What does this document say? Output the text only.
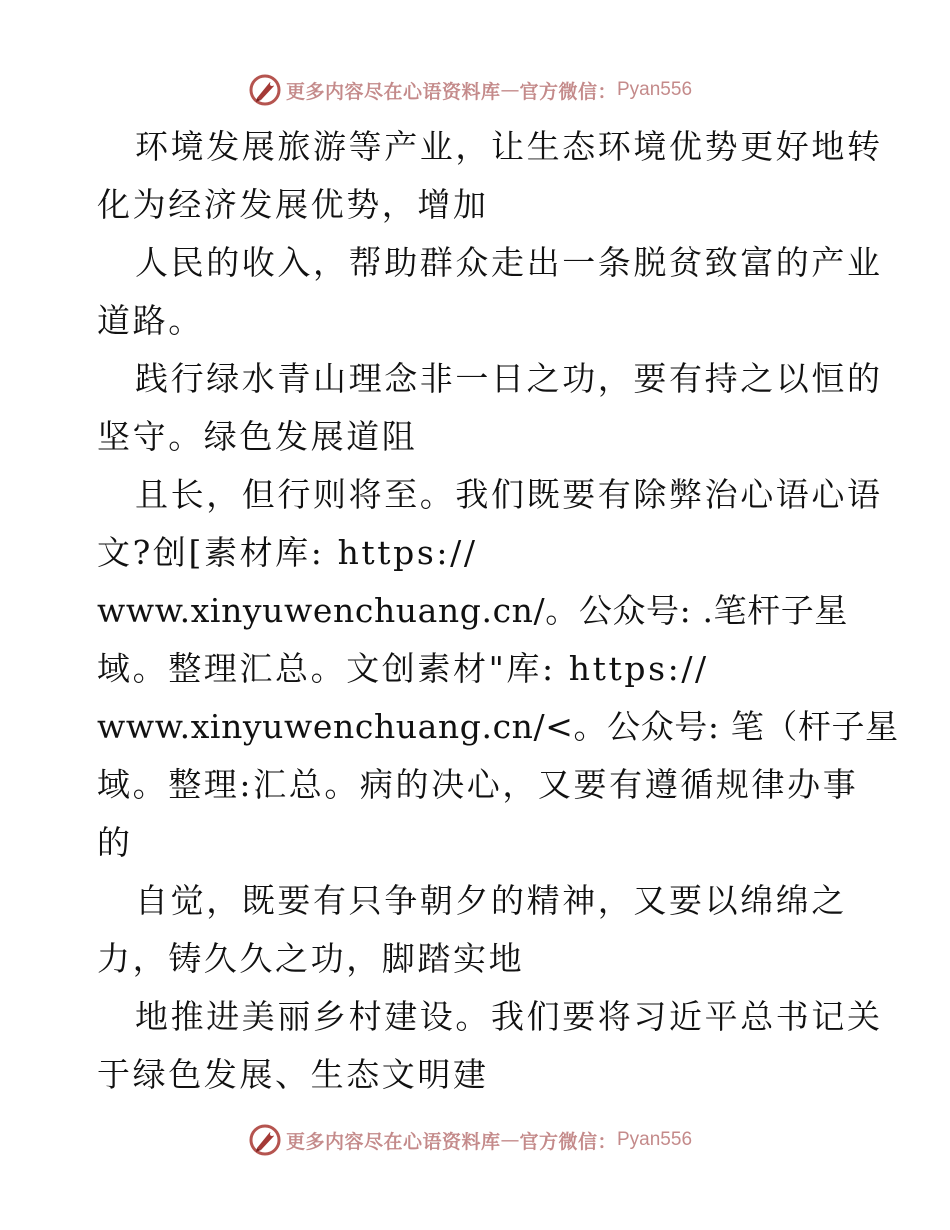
更多内容尽在心语资料库 — 官方微信： Pyan556
环境发展旅游等产业，让生态环境优势更好地转
化为经济发展优势，增加
人民的收入，帮助群众走出一条脱贫致富的产业
道路。
践行绿水青山理念非一日之功，要有持之以恒的
坚守。绿色发展道阻
且长，但行则将至。我们既要有除弊治心语心语
文?创[素材库: https://
www.xinyuwenchuang.cn/。公众号: .笔杆子星
域。整理汇总。文创素材"库: https://
www.xinyuwenchuang.cn/<。公众号: 笔（杆子星
域。整理:汇总。病的决心，又要有遵循规律办事
的
自觉，既要有只争朝夕的精神，又要以绵绵之
力，铸久久之功，脚踏实地
地推进美丽乡村建设。我们要将习近平总书记关
于绿色发展、生态文明建
更多内容尽在心语资料库 — 官方微信： Pyan556
